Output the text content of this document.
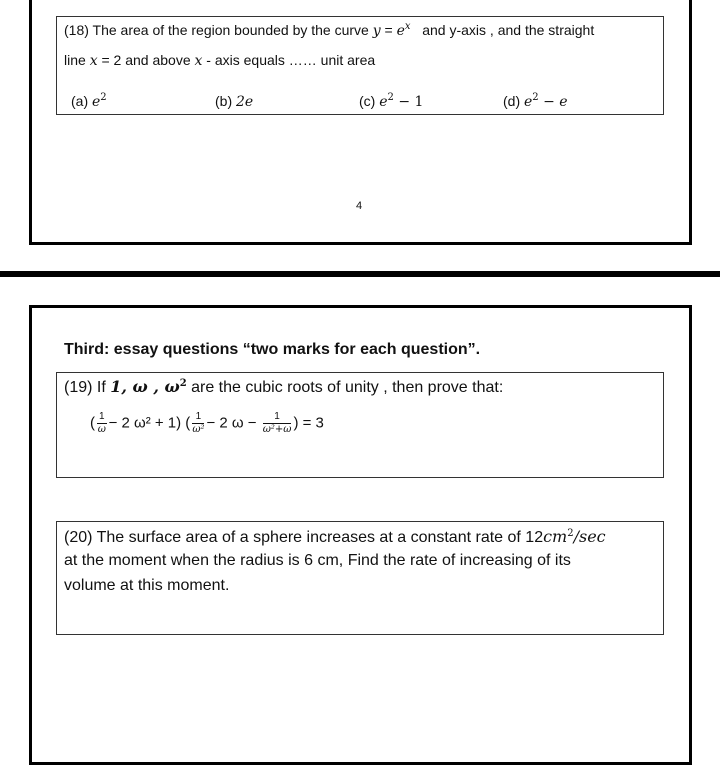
(18) The area of the region bounded by the curve $y = e^x$ and y-axis , and the straight
line x = 2 and above x - axis equals …… unit area
(a) $e^2$	(b) 2e	(c) $e^2 - 1$	(d) $e^2 - e$
4
Third: essay questions “two marks for each question”.
(19) If 1, ω , $\omega^2$ are the cubic roots of unity , then prove that:
( $\frac{1}{\omega} - 2$ ω² + 1) ( $\frac{1}{\text{ω²}} - 2$ $\omega - \frac{1}{\text{ω²+ω}}$ ) = 3
(20) The surface area of a sphere increases at a constant rate of $12cm^2/\sec$
at the moment when the radius is 6 cm, Find the rate of increasing of its
volume at this moment.
